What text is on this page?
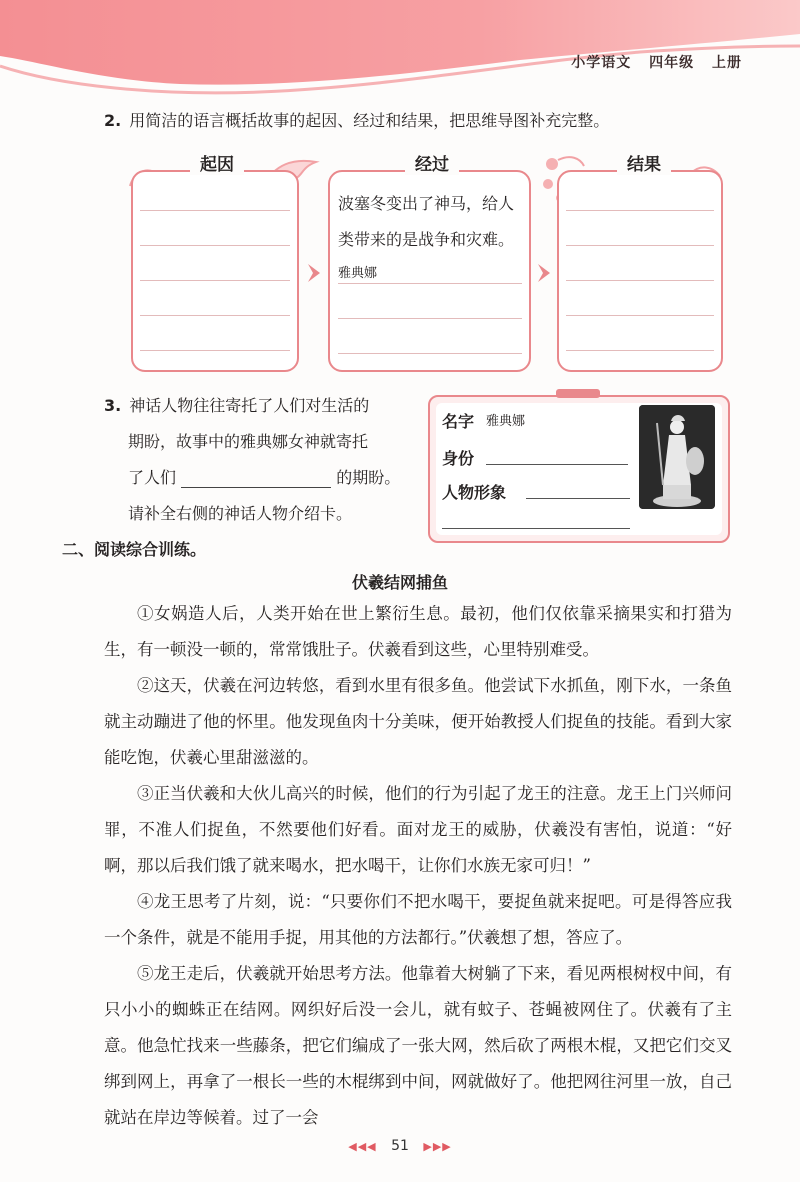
小学语文 四年级 上册
2. 用简洁的语言概括故事的起因、经过和结果，把思维导图补充完整。
起因	经过	结果
波塞冬变出了神马，给人
类带来的是战争和灾难。
雅典娜
3. 神话人物往往寄托了人们对生活的
期盼，故事中的雅典娜女神就寄托
了人们	的期盼。
请补全右侧的神话人物介绍卡。
名字 雅典娜
身份
人物形象
二、阅读综合训练。
伏羲结网捕鱼
①女娲造人后，人类开始在世上繁衍生息。最初，他们仅依靠采摘果实和打猎为生，有一顿没一顿的，常常饿肚子。伏羲看到这些，心里特别难受。
②这天，伏羲在河边转悠，看到水里有很多鱼。他尝试下水抓鱼，刚下水，一条鱼就主动蹦进了他的怀里。他发现鱼肉十分美味，便开始教授人们捉鱼的技能。看到大家能吃饱，伏羲心里甜滋滋的。
③正当伏羲和大伙儿高兴的时候，他们的行为引起了龙王的注意。龙王上门兴师问罪，不准人们捉鱼，不然要他们好看。面对龙王的威胁，伏羲没有害怕，说道：“好啊，那以后我们饿了就来喝水，把水喝干，让你们水族无家可归！”
④龙王思考了片刻，说：“只要你们不把水喝干，要捉鱼就来捉吧。可是得答应我一个条件，就是不能用手捉，用其他的方法都行。”伏羲想了想，答应了。
⑤龙王走后，伏羲就开始思考方法。他靠着大树躺了下来，看见两根树杈中间，有只小小的蜘蛛正在结网。网织好后没一会儿，就有蚊子、苍蝇被网住了。伏羲有了主意。他急忙找来一些藤条，把它们编成了一张大网，然后砍了两根木棍，又把它们交叉绑到网上，再拿了一根长一些的木棍绑到中间，网就做好了。他把网往河里一放，自己就站在岸边等候着。过了一会
◀◀◀ 51 ▶▶▶
